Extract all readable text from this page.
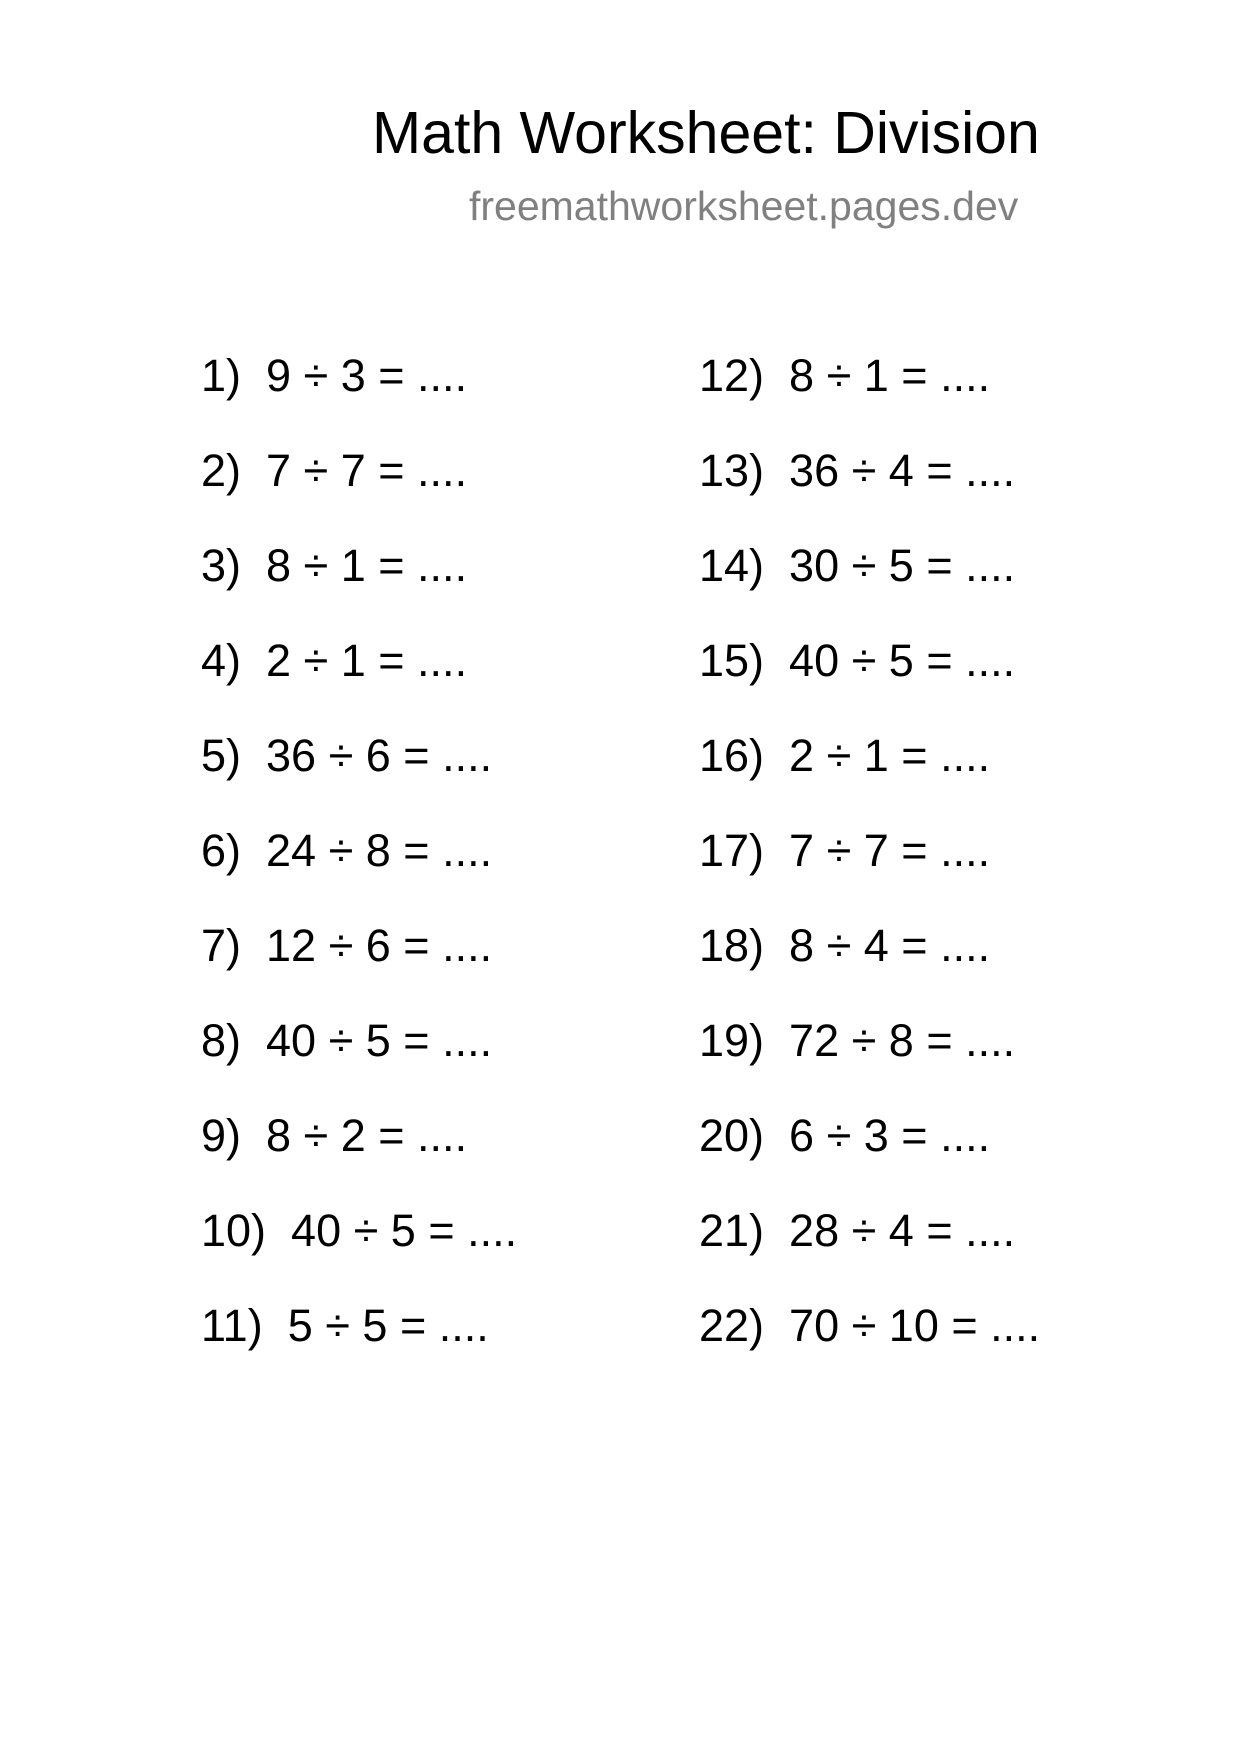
Math Worksheet: Division
freemathworksheet.pages.dev
1)  9 ÷ 3 = ....
2)  7 ÷ 7 = ....
3)  8 ÷ 1 = ....
4)  2 ÷ 1 = ....
5)  36 ÷ 6 = ....
6)  24 ÷ 8 = ....
7)  12 ÷ 6 = ....
8)  40 ÷ 5 = ....
9)  8 ÷ 2 = ....
10)  40 ÷ 5 = ....
11)  5 ÷ 5 = ....
12)  8 ÷ 1 = ....
13)  36 ÷ 4 = ....
14)  30 ÷ 5 = ....
15)  40 ÷ 5 = ....
16)  2 ÷ 1 = ....
17)  7 ÷ 7 = ....
18)  8 ÷ 4 = ....
19)  72 ÷ 8 = ....
20)  6 ÷ 3 = ....
21)  28 ÷ 4 = ....
22)  70 ÷ 10 = ....
